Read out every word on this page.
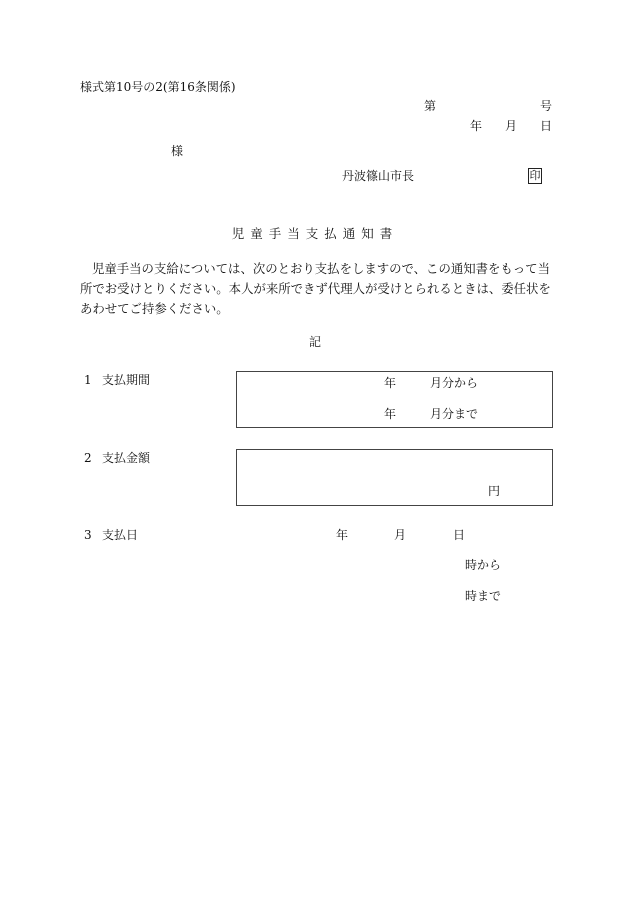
様式第10号の2(第16条関係)
第	号
年 月 日
様
丹波篠山市長	印
児童手当支払通知書
児童手当の支給については、次のとおり支払をしますので、この通知書をもって当所でお受けとりください。本人が来所できず代理人が受けとられるときは、委任状をあわせてご持参ください。
記
1 支払期間	年	月分から
年	月分まで
2 支払金額
円
3 支払日	年	月	日
時から
時まで
